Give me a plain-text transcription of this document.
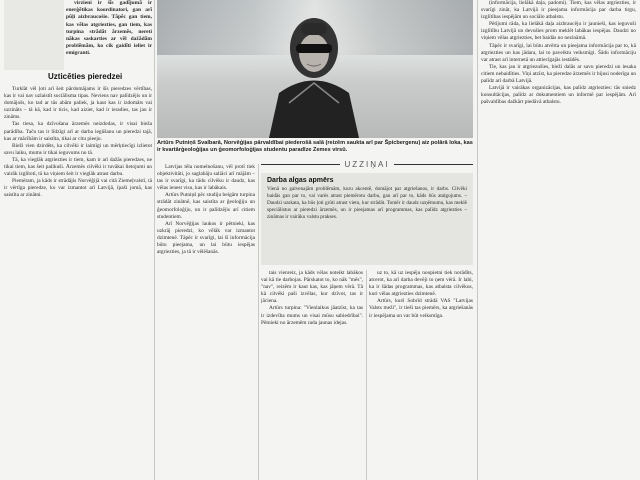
virzieni ir šīs gadījumā ir enerģētikas koordinatori, gan arī pūļi aizbraucošie. Tāpēc gan tiem, kas vēlas atgriezties, gan tiem, kas turpina strādāt ārzemēs, nereti nākas saskarties ar vēl dažādām problēmām, ko cik gaidīti ieliet ir emigranti.

Uzticēties pieredzei

Turklāt vēl ļoti arī šeit pārdomājams ir šīs pieredzes vērtības, kas ir vai nav uzlaistīt sociālisma tipas. Neviens nav palīdzējis un ir domājošs, ko tad ar tās abām paliek, ja kaut kas ir izdomāts vai uzzināts – tā kā, kad ir ticis, kad aiziet, kad ir ieradies, tas jau ir zināms.

Tas tiesa, ka dzīvošana ārzemēs neizdodas, ir visai bieža parādība. Taču tas ir līdzīgi arī ar darba iegūšanu un pieredzi tajā, kas ar mācībām ir saistīta, tikai ar citu pieeju.

Bieži vien dzirdēts, ka cilvēki ir laimīgi un mērķtiecīgi izlietot savu laiku, mums ir tikai ieguvums no tā.

Tā, ka vieglāk atgriezties ir tiem, kam ir arī dažās pieredzes, ne tikai tiem, kas šeit palikuši. Ārzemēs cilvēki ir tuvākai lietojumi un vairāk izglītoti, tā ka viņiem šeit ir vieglāk atrast darbu.

Piemēram, ja kāds ir strādājis Norvēģijā vai citā Ziemeļvalstī, tā ir vērtīga pieredze, ko var izmantot arī Latvijā, īpaši jomā, kas saistīta ar zinātni.

Artūrs Putniņš Svalbarā, Norvēģijas pārvaldībai piederošā salā (reizēm saukta arī par Špicbergenu) aiz polārā loka, kas ir kvartārģeoloģijas un ģeomorfoloģijas studentu paradīze Zemes virsū.

Latvijas tēla nomelnošanu, vēl protī tiek objektivitāti, jo saglabāju saliāci arī mājām – tas ir svarīgi, ka tādu cilvēku ir daudz, kas vēlas ienest visu, kas ir labākais.

Artūrs Putniņš pēc studiju beigām turpina strādāt zinātnē, kas saistīta ar ģeoloģiju un ģeomorfoloģiju, un ir palīdzējis arī citiem studentiem.

Arī Norvēģijas laukos ir pētnieki, kas uzkrāj pieredzi, ko vēlāk var izmantot dzimtenē. Tāpēc ir svarīgi, lai šī informācija būtu pieejama, un lai būtu iespējas atgriezties, ja tā ir vēlēšanās.

UZZIŅAI
Darba algas apmērs
Vienā no galvenajām problēmām, kuru akcentē, domājot par atgriešanos, ir darbs. Cilvēki baidās gan par to, vai varēs atrast piemērotu darbu, gan arī par to, kāds būs atalgojums. – Daudzi uzskata, ka būs ļoti grūti atrast vietu, kur strādāt. Tomēr ir daudz uzņēmumu, kas meklē speciālistus ar pieredzi ārzemēs, un ir pieejamas arī programmas, kas palīdz atgriezties – zināmas ir vairāku valstu prakses.

tais vienreiz, ja kāds vēlas noteikt labākos vai kā tie darbojas. Pārskatot to, ko nāk "mēs", "nav", reizēm ir kaut kas, kas jāņem vērā. Tā kā cilvēki paši izvēlas, kur dzīvot, tas ir jāciena.

Artūrs turpina: "Vienlaikus jāatzīst, ka tas ir izdevība mums un visai mūsu sabiedrībai". Pētnieki no ārzemēm rada jaunas idejas.

uz to, kā uz iespēju noopietni tiek norādīts, atcerot, ka arī darba devēji to ņem vērā. Ir labi, ka ir šādas programmas, kas atbalsta cilvēkus, kuri vēlas atgriezties dzimtenē.

Artūrs, kurš Sobrīd strādā VAS "Latvijas Valsts meži", ir tieši tas piemērs, ka atgriešanās ir iespējama un var būt veiksmīga.

(informācija, lielākā daļa, padomi). Tiem, kas vēlas atgriezties, ir svarīgi zināt, ka Latvijā ir pieejama informācija par darba tirgu, izglītības iespējām un sociālo atbalstu.

Pētījumi rāda, ka lielākā daļa aizbraucēju ir jaunieši, kas ieguvuši izglītību Latvijā un devušies prom meklēt labākas iespējas. Daudzi no viņiem vēlas atgriezties, bet baidās no nezināmā.

Tāpēc ir svarīgi, lai būtu atvērta un pieejama informācija par to, kā atgriezties un kas jādara, lai to paveiktu veiksmīgi. Šādu informāciju var atrast arī internetā un attiecīgajās iestādēs.

Tie, kas jau ir atgriezušies, bieži dalās ar savu pieredzi un iesaka citiem nebaidīties. Viņi atzīst, ka pieredze ārzemēs ir bijusi noderīga un palīdz arī darbā Latvijā.

Latvijā ir vairākas organizācijas, kas palīdz atgriezties: tās sniedz konsultācijas, palīdz ar dokumentiem un informē par iespējām. Arī pašvaldības dažkārt piedāvā atbalstu.
